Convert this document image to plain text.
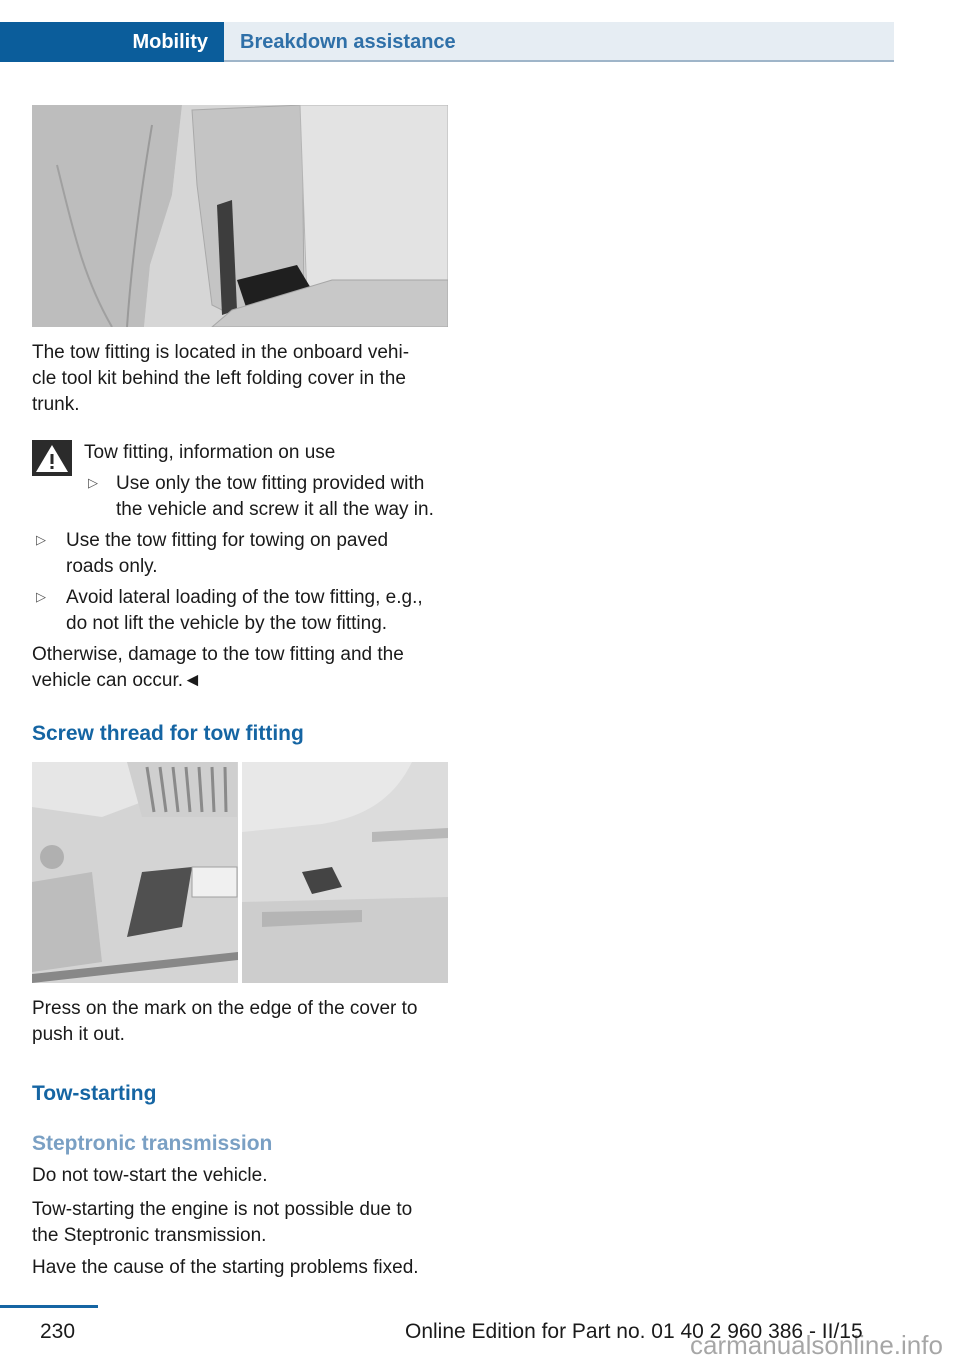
Mobility Breakdown assistance
The tow fitting is located in the onboard vehi‐
cle tool kit behind the left folding cover in the
trunk.
Tow fitting, information on use
▷ Use only the tow fitting provided with
the vehicle and screw it all the way in.
▷ Use the tow fitting for towing on paved
roads only.
▷ Avoid lateral loading of the tow fitting, e.g.,
do not lift the vehicle by the tow fitting.
Otherwise, damage to the tow fitting and the
vehicle can occur.◄
Screw thread for tow fitting
Press on the mark on the edge of the cover to
push it out.
Tow-starting
Steptronic transmission
Do not tow-start the vehicle.
Tow-starting the engine is not possible due to
the Steptronic transmission.
Have the cause of the starting problems fixed.
230	Online Edition for Part no. 01 40 2 960 386 - II/15
carmanualsonline.info
